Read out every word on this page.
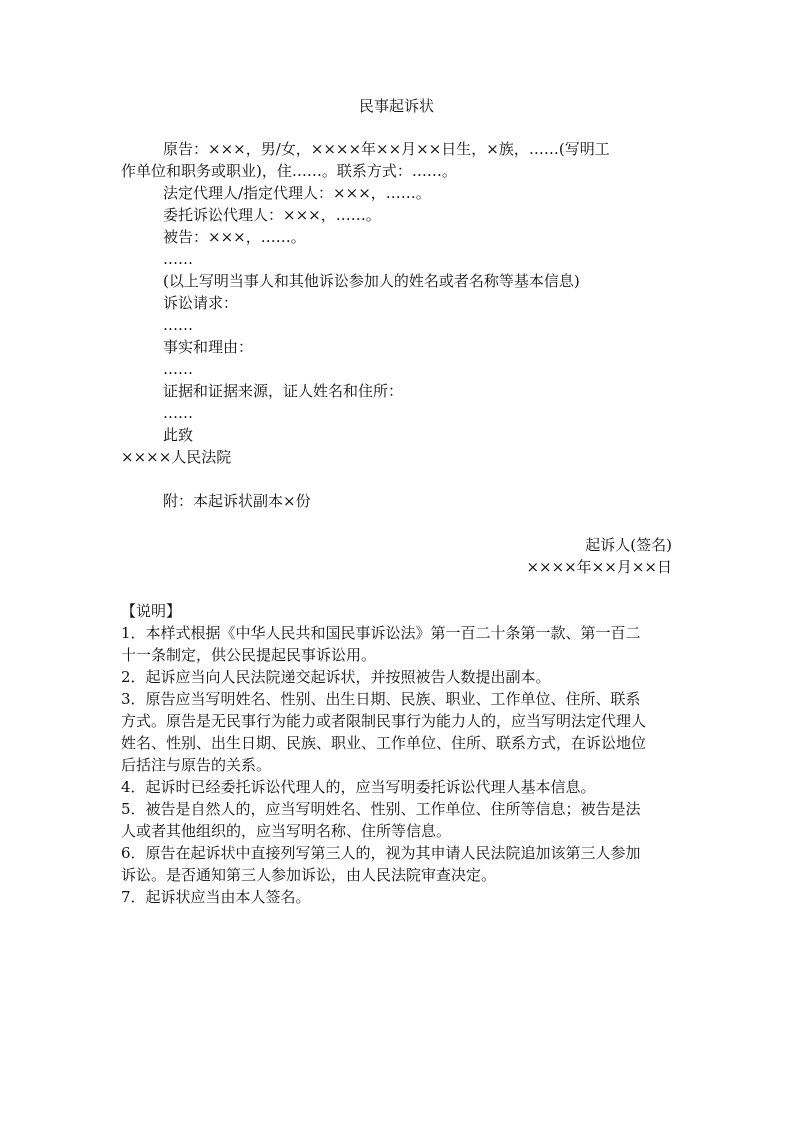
民事起诉状
原告：×××，男/女，××××年××月××日生，×族，……(写明工
作单位和职务或职业)，住……。联系方式：……。
法定代理人/指定代理人：×××，……。
委托诉讼代理人：×××，……。
被告：×××，……。
……
(以上写明当事人和其他诉讼参加人的姓名或者名称等基本信息)
诉讼请求：
……
事实和理由：
……
证据和证据来源，证人姓名和住所：
……
此致
××××人民法院
附：本起诉状副本×份
起诉人(签名)
××××年××月××日
【说明】
1．本样式根据《中华人民共和国民事诉讼法》第一百二十条第一款、第一百二
十一条制定，供公民提起民事诉讼用。
2．起诉应当向人民法院递交起诉状，并按照被告人数提出副本。
3．原告应当写明姓名、性别、出生日期、民族、职业、工作单位、住所、联系
方式。原告是无民事行为能力或者限制民事行为能力人的，应当写明法定代理人
姓名、性别、出生日期、民族、职业、工作单位、住所、联系方式，在诉讼地位
后括注与原告的关系。
4．起诉时已经委托诉讼代理人的，应当写明委托诉讼代理人基本信息。
5．被告是自然人的，应当写明姓名、性别、工作单位、住所等信息；被告是法
人或者其他组织的，应当写明名称、住所等信息。
6．原告在起诉状中直接列写第三人的，视为其申请人民法院追加该第三人参加
诉讼。是否通知第三人参加诉讼，由人民法院审查决定。
7．起诉状应当由本人签名。
